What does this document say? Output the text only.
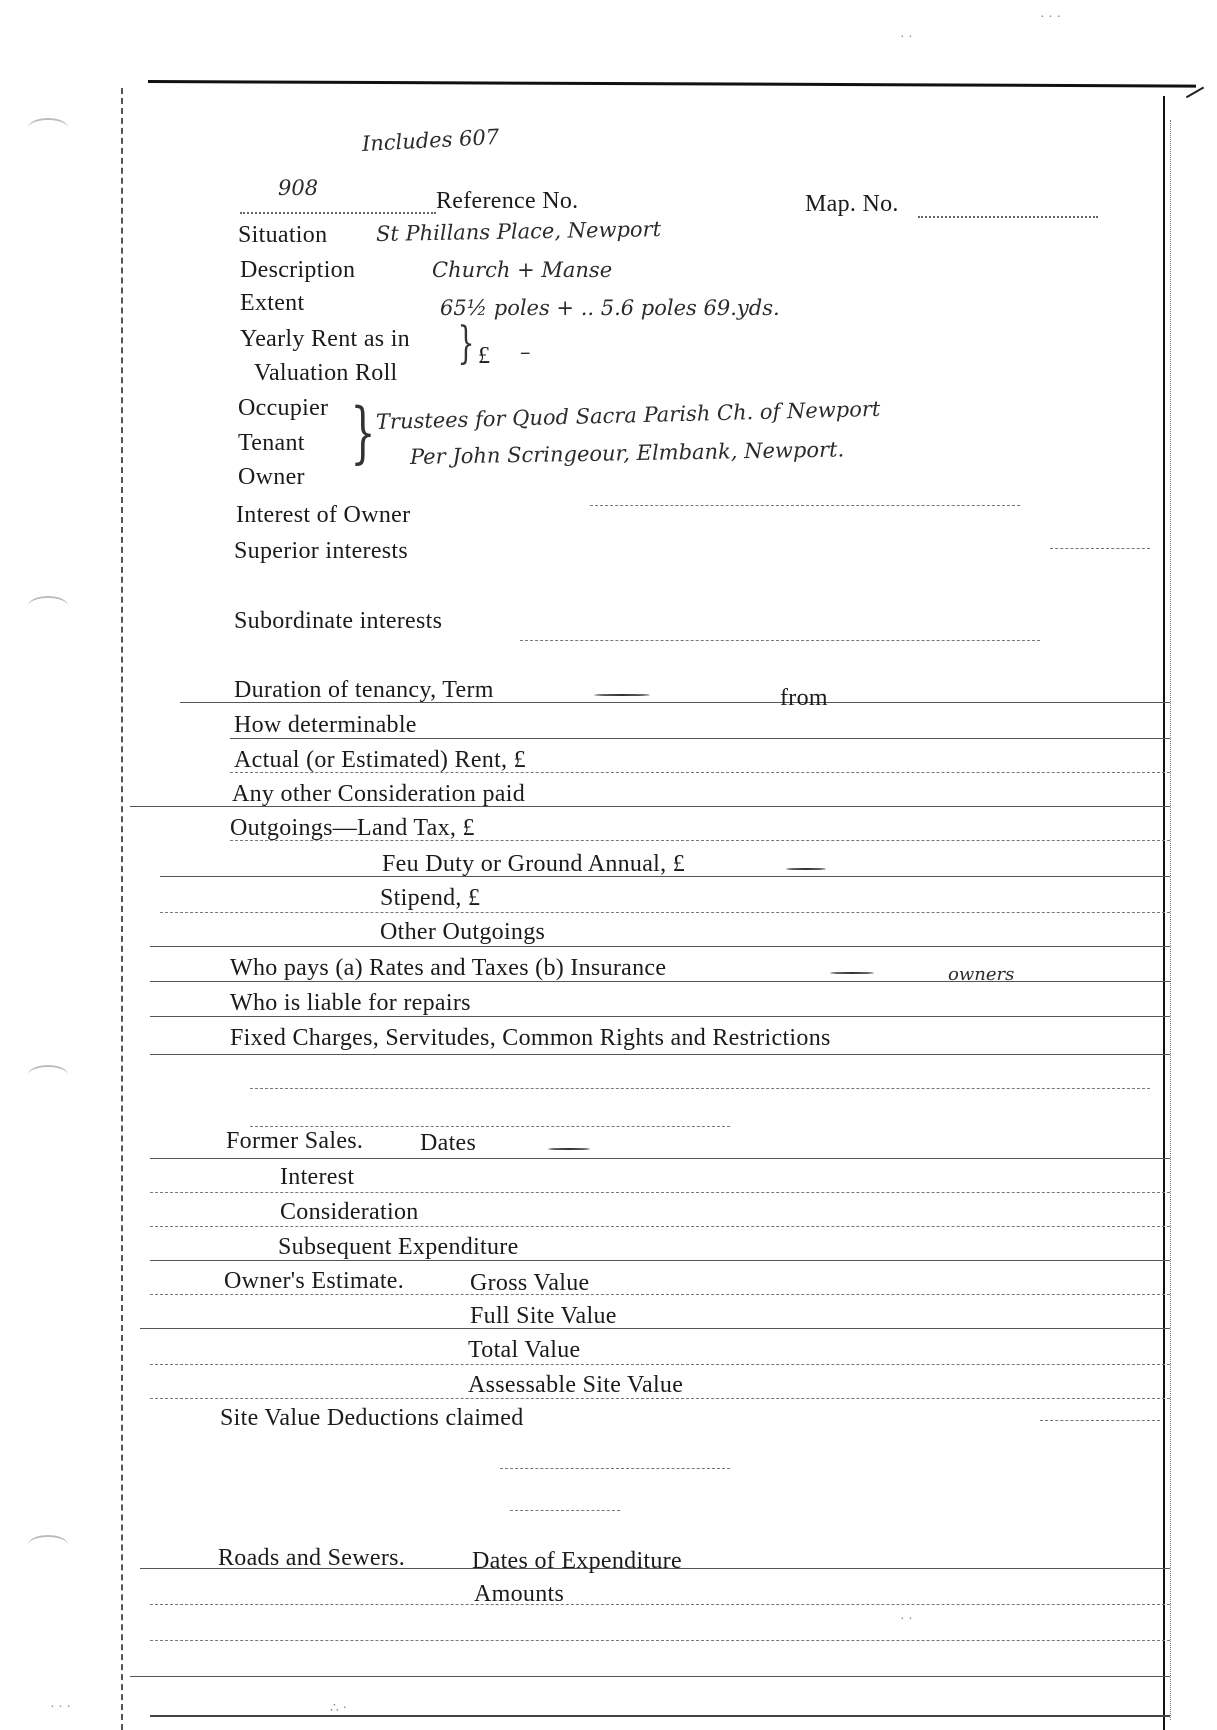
Includes 607
908	Reference No.	Map. No.
Situation St Phillans Place, Newport
Description	Church + Manse
Extent	65½ poles + .. 5.6 poles 69.yds.
Yearly Rent as in
Valuation Roll
} £ –
Occupier
Tenant
Owner
} Trustees for Quod Sacra Parish Ch. of Newport
Per John Scringeour, Elmbank, Newport.
Interest of Owner
Superior interests
Subordinate interests
Duration of tenancy, Term	from
How determinable
Actual (or Estimated) Rent, £
Any other Consideration paid
Outgoings—Land Tax, £
Feu Duty or Ground Annual, £
Stipend, £
Other Outgoings
Who pays (a) Rates and Taxes (b) Insurance	owners
Who is liable for repairs
Fixed Charges, Servitudes, Common Rights and Restrictions
Former Sales. Dates
Interest
Consideration
Subsequent Expenditure
Owner's Estimate.	Gross Value
Full Site Value
Total Value
Assessable Site Value
Site Value Deductions claimed
Roads and Sewers.	Dates of Expenditure
Amounts
· · ·
· ·
∴ ·
· · ·
· ·
